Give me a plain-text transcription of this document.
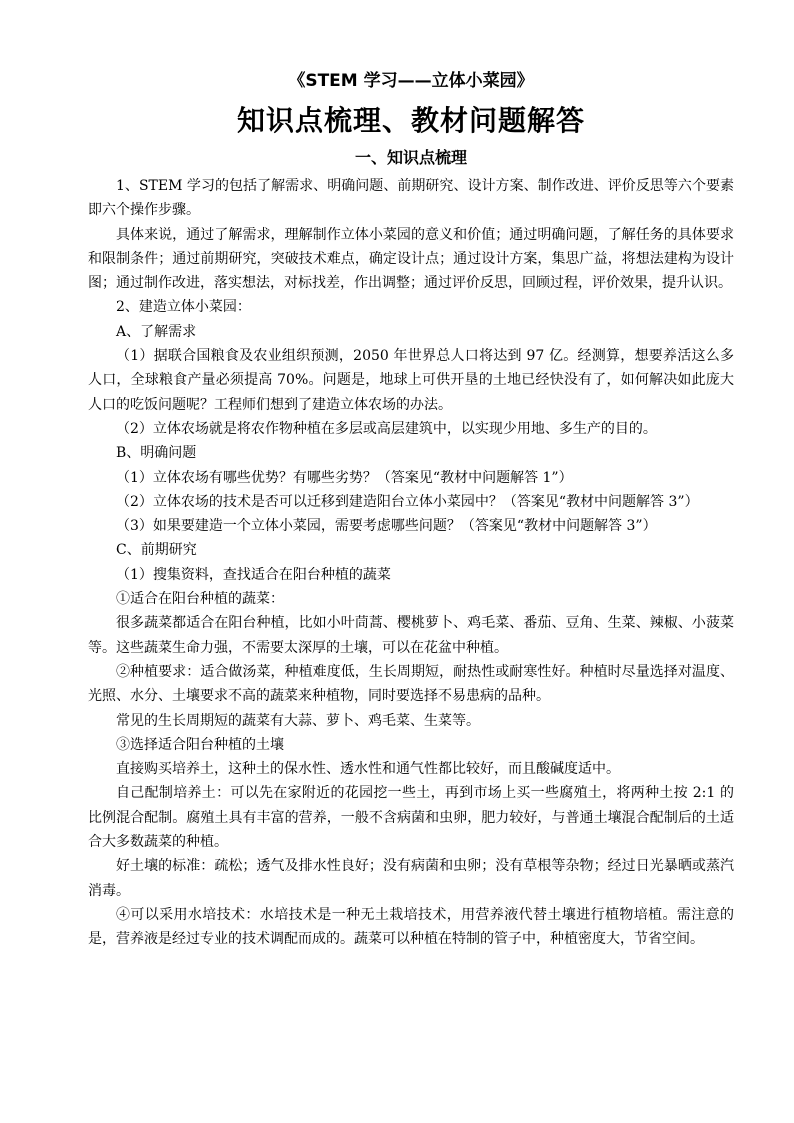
《STEM 学习——立体小菜园》
知识点梳理、教材问题解答
一、知识点梳理

1、STEM 学习的包括了解需求、明确问题、前期研究、设计方案、制作改进、评价反思等六个要素即六个操作步骤。

具体来说，通过了解需求，理解制作立体小菜园的意义和价值；通过明确问题，了解任务的具体要求和限制条件；通过前期研究，突破技术难点，确定设计点；通过设计方案，集思广益，将想法建构为设计图；通过制作改进，落实想法，对标找差，作出调整；通过评价反思，回顾过程，评价效果，提升认识。

2、建造立体小菜园：

A、了解需求

（1）据联合国粮食及农业组织预测，2050 年世界总人口将达到 97 亿。经测算，想要养活这么多人口，全球粮食产量必须提高 70%。问题是，地球上可供开垦的土地已经快没有了，如何解决如此庞大人口的吃饭问题呢？工程师们想到了建造立体农场的办法。

（2）立体农场就是将农作物种植在多层或高层建筑中，以实现少用地、多生产的目的。

B、明确问题

（1）立体农场有哪些优势？有哪些劣势？（答案见“教材中问题解答 1”）

（2）立体农场的技术是否可以迁移到建造阳台立体小菜园中？（答案见“教材中问题解答 3”）

（3）如果要建造一个立体小菜园，需要考虑哪些问题？（答案见“教材中问题解答 3”）

C、前期研究

（1）搜集资料，查找适合在阳台种植的蔬菜

①适合在阳台种植的蔬菜：

很多蔬菜都适合在阳台种植，比如小叶茼蒿、樱桃萝卜、鸡毛菜、番茄、豆角、生菜、辣椒、小菠菜等。这些蔬菜生命力强，不需要太深厚的土壤，可以在花盆中种植。

②种植要求：适合做汤菜，种植难度低，生长周期短，耐热性或耐寒性好。种植时尽量选择对温度、光照、水分、土壤要求不高的蔬菜来种植物，同时要选择不易患病的品种。

常见的生长周期短的蔬菜有大蒜、萝卜、鸡毛菜、生菜等。

③选择适合阳台种植的土壤

直接购买培养土，这种土的保水性、透水性和通气性都比较好，而且酸碱度适中。

自己配制培养土：可以先在家附近的花园挖一些土，再到市场上买一些腐殖土，将两种土按 2:1 的比例混合配制。腐殖土具有丰富的营养，一般不含病菌和虫卵，肥力较好，与普通土壤混合配制后的土适合大多数蔬菜的种植。

好土壤的标准：疏松；透气及排水性良好；没有病菌和虫卵；没有草根等杂物；经过日光暴晒或蒸汽消毒。

④可以采用水培技术：水培技术是一种无土栽培技术，用营养液代替土壤进行植物培植。需注意的是，营养液是经过专业的技术调配而成的。蔬菜可以种植在特制的管子中，种植密度大，节省空间。
